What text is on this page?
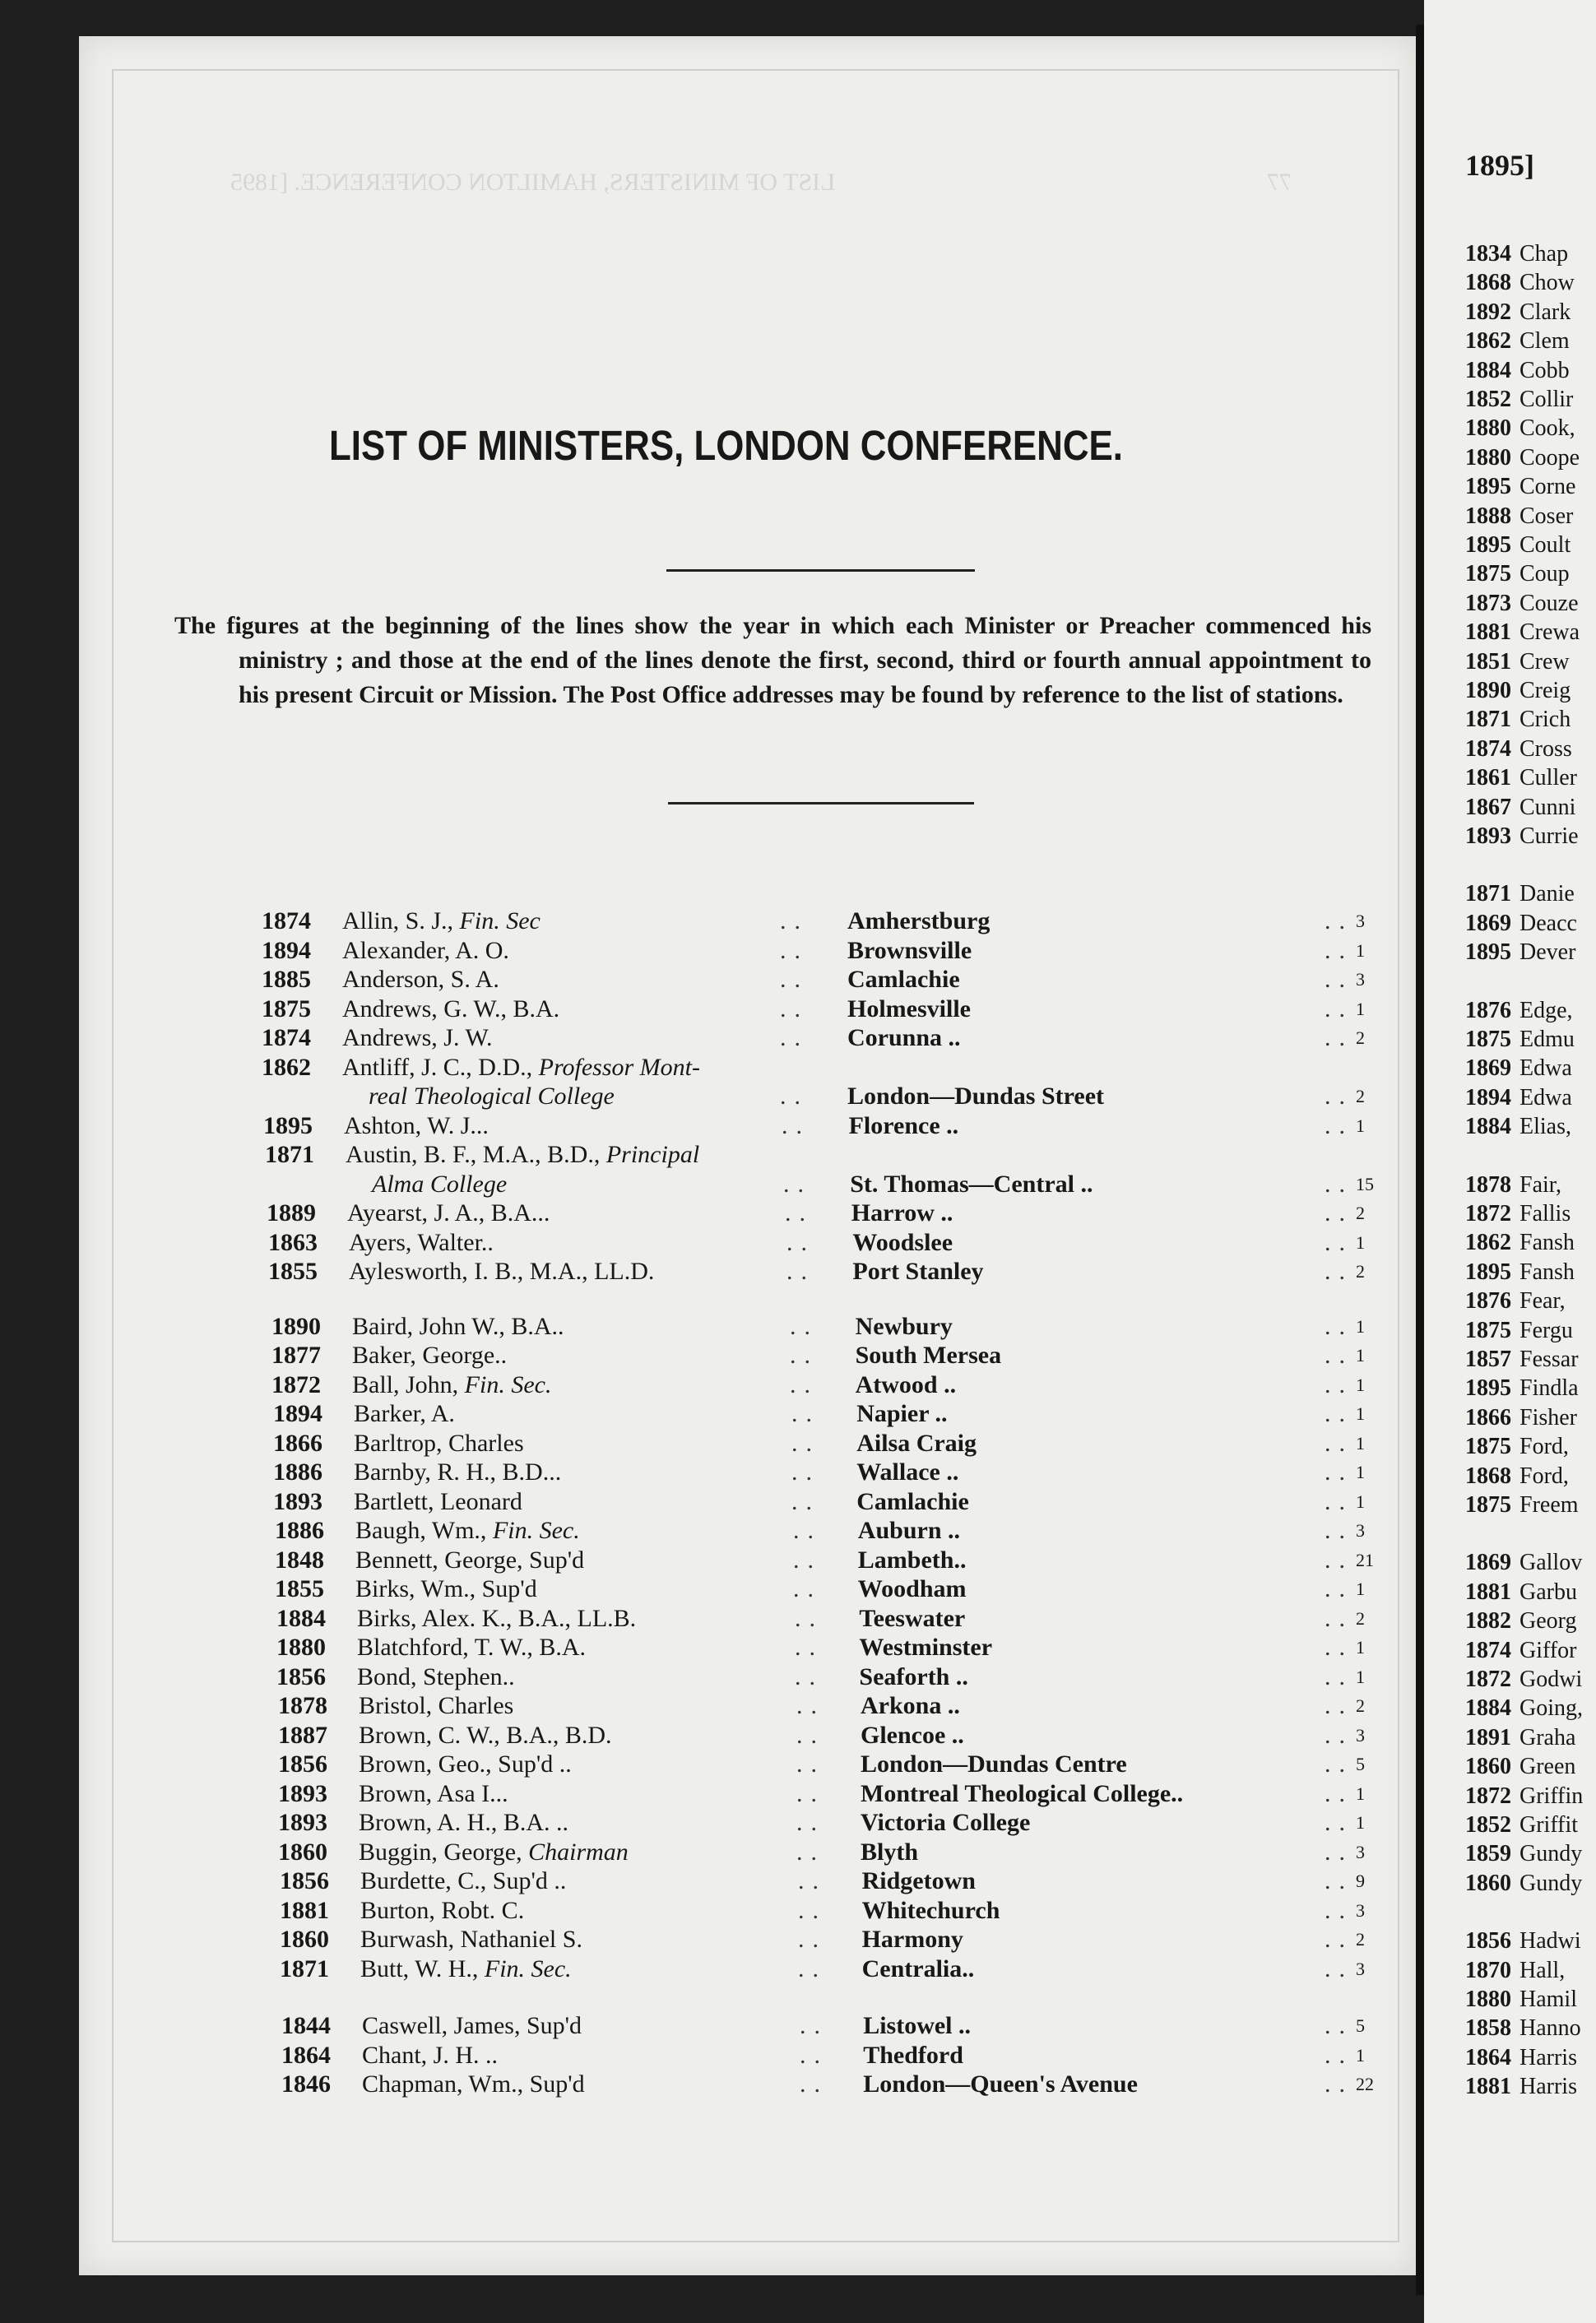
LIST OF MINISTERS, HAMILTON CONFERENCE. [1895	77
LIST OF MINISTERS, LONDON CONFERENCE.

The figures at the beginning of the lines show the year in which each Minister or Preacher commenced his ministry ; and those at the end of the lines denote the first, second, third or fourth annual appointment to his present Circuit or Mission. The Post Office addresses may be found by reference to the list of stations.

1874 Allin, S. J., Fin. Sec	.. Amherstburg	.. 3
1894 Alexander, A. O.	.. Brownsville	.. 1
1885 Anderson, S. A.	.. Camlachie	.. 3
1875 Andrews, G. W., B.A.	.. Holmesville	.. 1
1874 Andrews, J. W.	.. Corunna ..	.. 2
1862 Antliff, J. C., D.D., Professor Mont-
real Theological College	.. London—Dundas Street	.. 2
1895 Ashton, W. J...	.. Florence ..	.. 1
1871 Austin, B. F., M.A., B.D., Principal
Alma College	.. St. Thomas—Central ..	.. 15
1889 Ayearst, J. A., B.A...	.. Harrow ..	.. 2
1863 Ayers, Walter..	.. Woodslee	.. 1
1855 Aylesworth, I. B., M.A., LL.D.	.. Port Stanley	.. 2
1890 Baird, John W., B.A..	.. Newbury	.. 1
1877 Baker, George..	.. South Mersea	.. 1
1872 Ball, John, Fin. Sec.	.. Atwood ..	.. 1
1894 Barker, A.	.. Napier ..	.. 1
1866 Barltrop, Charles	.. Ailsa Craig	.. 1
1886 Barnby, R. H., B.D...	.. Wallace ..	.. 1
1893 Bartlett, Leonard	.. Camlachie	.. 1
1886 Baugh, Wm., Fin. Sec.	.. Auburn ..	.. 3
1848 Bennett, George, Sup'd	.. Lambeth..	.. 21
1855 Birks, Wm., Sup'd	.. Woodham	.. 1
1884 Birks, Alex. K., B.A., LL.B.	.. Teeswater	.. 2
1880 Blatchford, T. W., B.A.	.. Westminster	.. 1
1856 Bond, Stephen..	.. Seaforth ..	.. 1
1878 Bristol, Charles	.. Arkona ..	.. 2
1887 Brown, C. W., B.A., B.D.	.. Glencoe ..	.. 3
1856 Brown, Geo., Sup'd ..	.. London—Dundas Centre	.. 5
1893 Brown, Asa I...	.. Montreal Theological College..	.. 1
1893 Brown, A. H., B.A. ..	.. Victoria College	.. 1
1860 Buggin, George, Chairman	.. Blyth	.. 3
1856 Burdette, C., Sup'd ..	.. Ridgetown	.. 9
1881 Burton, Robt. C.	.. Whitechurch	.. 3
1860 Burwash, Nathaniel S.	.. Harmony	.. 2
1871 Butt, W. H., Fin. Sec.	.. Centralia..	.. 3
1844 Caswell, James, Sup'd	.. Listowel ..	.. 5
1864 Chant, J. H. ..	.. Thedford	.. 1
1846 Chapman, Wm., Sup'd	.. London—Queen's Avenue	.. 22
1895]
1834 Chap
1868 Chow
1892 Clark
1862 Clem
1884 Cobb
1852 Collir
1880 Cook,
1880 Coope
1895 Corne
1888 Coser
1895 Coult
1875 Coup
1873 Couze
1881 Crewa
1851 Crew
1890 Creig
1871 Crich
1874 Cross
1861 Culler
1867 Cunni
1893 Currie
1871 Danie
1869 Deacc
1895 Dever
1876 Edge,
1875 Edmu
1869 Edwa
1894 Edwa
1884 Elias,
1878 Fair,
1872 Fallis
1862 Fansh
1895 Fansh
1876 Fear,
1875 Fergu
1857 Fessar
1895 Findla
1866 Fisher
1875 Ford,
1868 Ford,
1875 Freem
1869 Gallov
1881 Garbu
1882 Georg
1874 Giffor
1872 Godwi
1884 Going,
1891 Graha
1860 Green
1872 Griffin
1852 Griffit
1859 Gundy
1860 Gundy
1856 Hadwi
1870 Hall,
1880 Hamil
1858 Hanno
1864 Harris
1881 Harris
